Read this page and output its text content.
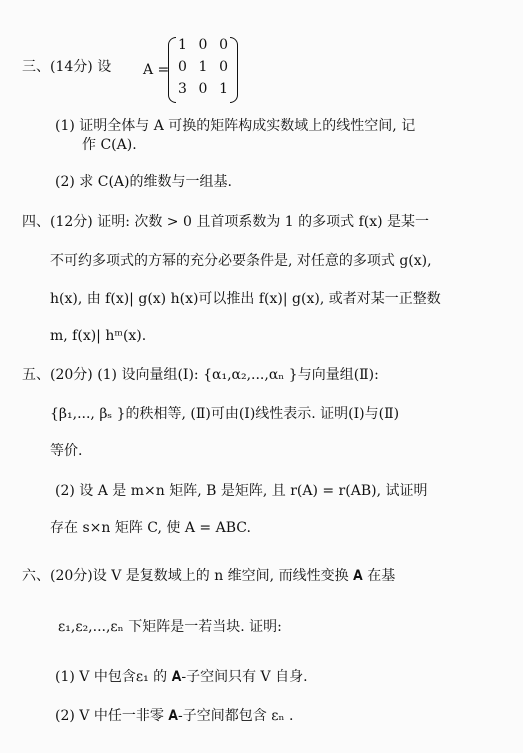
三、(14分) 设 A =
1 0 0
0 1 0
3 0 1
(1) 证明全体与 A 可换的矩阵构成实数域上的线性空间, 记
作 C(A).
(2) 求 C(A)的维数与一组基.
四、(12分) 证明: 次数 > 0 且首项系数为 1 的多项式 f(x) 是某一
不可约多项式的方幂的充分必要条件是, 对任意的多项式 g(x),
h(x), 由 f(x)| g(x) h(x)可以推出 f(x)| g(x), 或者对某一正整数
m, f(x)| hᵐ(x).
五、(20分) (1) 设向量组(Ⅰ): {α₁,α₂,...,αₙ }与向量组(Ⅱ):
{β₁,..., βₛ }的秩相等, (Ⅱ)可由(Ⅰ)线性表示. 证明(Ⅰ)与(Ⅱ)
等价.
(2) 设 A 是 m×n 矩阵, B 是矩阵, 且 r(A) = r(AB), 试证明
存在 s×n 矩阵 C, 使 A = ABC.
六、(20分)设 V 是复数域上的 n 维空间, 而线性变换 𝐀 在基
ε₁,ε₂,...,εₙ 下矩阵是一若当块. 证明:
(1) V 中包含ε₁ 的 𝐀-子空间只有 V 自身.
(2) V 中任一非零 𝐀-子空间都包含 εₙ .
